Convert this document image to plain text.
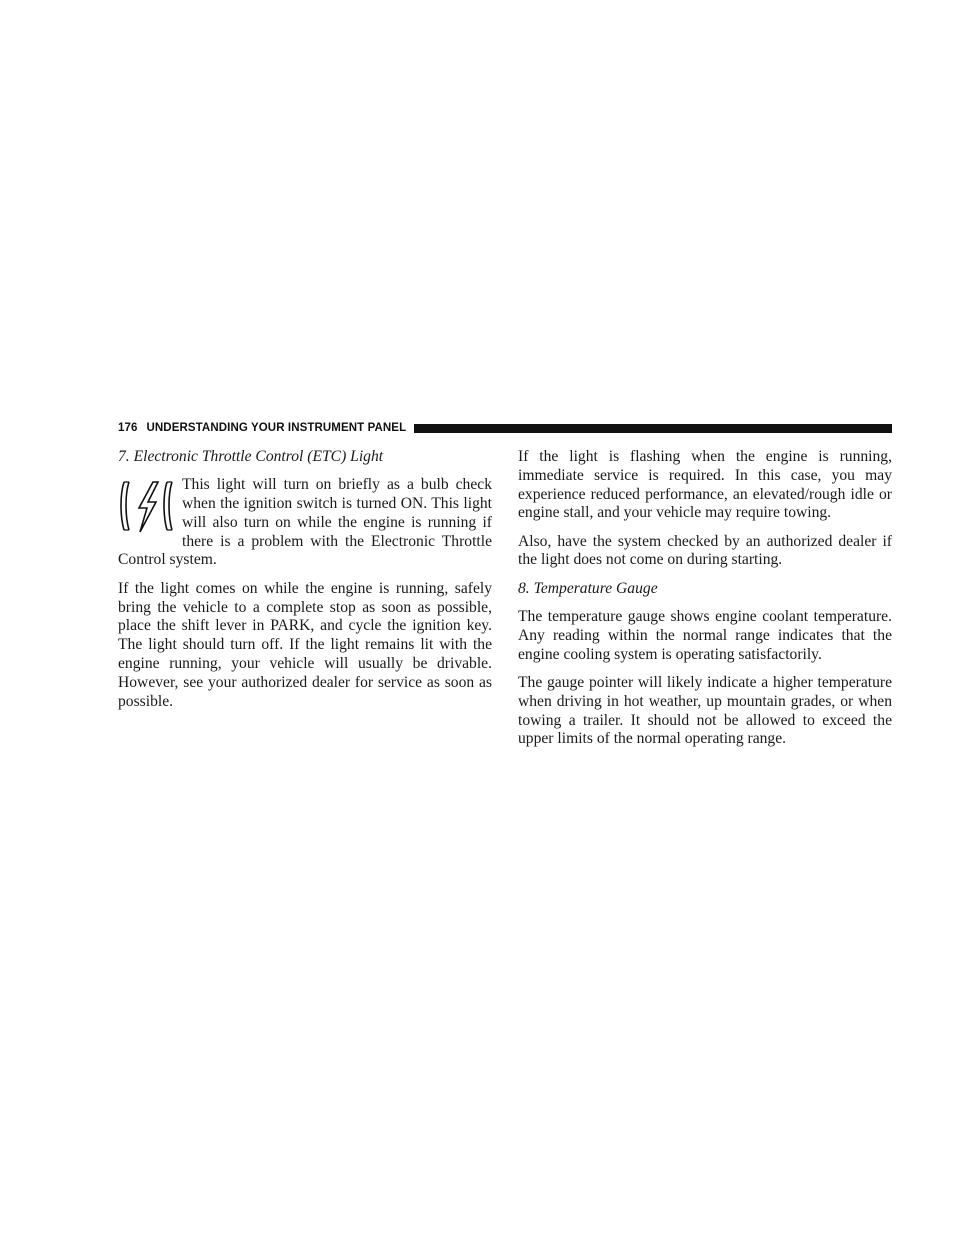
176 UNDERSTANDING YOUR INSTRUMENT PANEL

7. Electronic Throttle Control (ETC) Light

This light will turn on briefly as a bulb check when the ignition switch is turned ON. This light will also turn on while the engine is running if there is a problem with the Electronic Throttle Control system.

If the light comes on while the engine is running, safely bring the vehicle to a complete stop as soon as possible, place the shift lever in PARK, and cycle the ignition key. The light should turn off. If the light remains lit with the engine running, your vehicle will usually be drivable. However, see your authorized dealer for service as soon as possible.

If the light is flashing when the engine is running, immediate service is required. In this case, you may experience reduced performance, an elevated/rough idle or engine stall, and your vehicle may require towing.

Also, have the system checked by an authorized dealer if the light does not come on during starting.

8. Temperature Gauge

The temperature gauge shows engine coolant temperature. Any reading within the normal range indicates that the engine cooling system is operating satisfactorily.

The gauge pointer will likely indicate a higher temperature when driving in hot weather, up mountain grades, or when towing a trailer. It should not be allowed to exceed the upper limits of the normal operating range.
